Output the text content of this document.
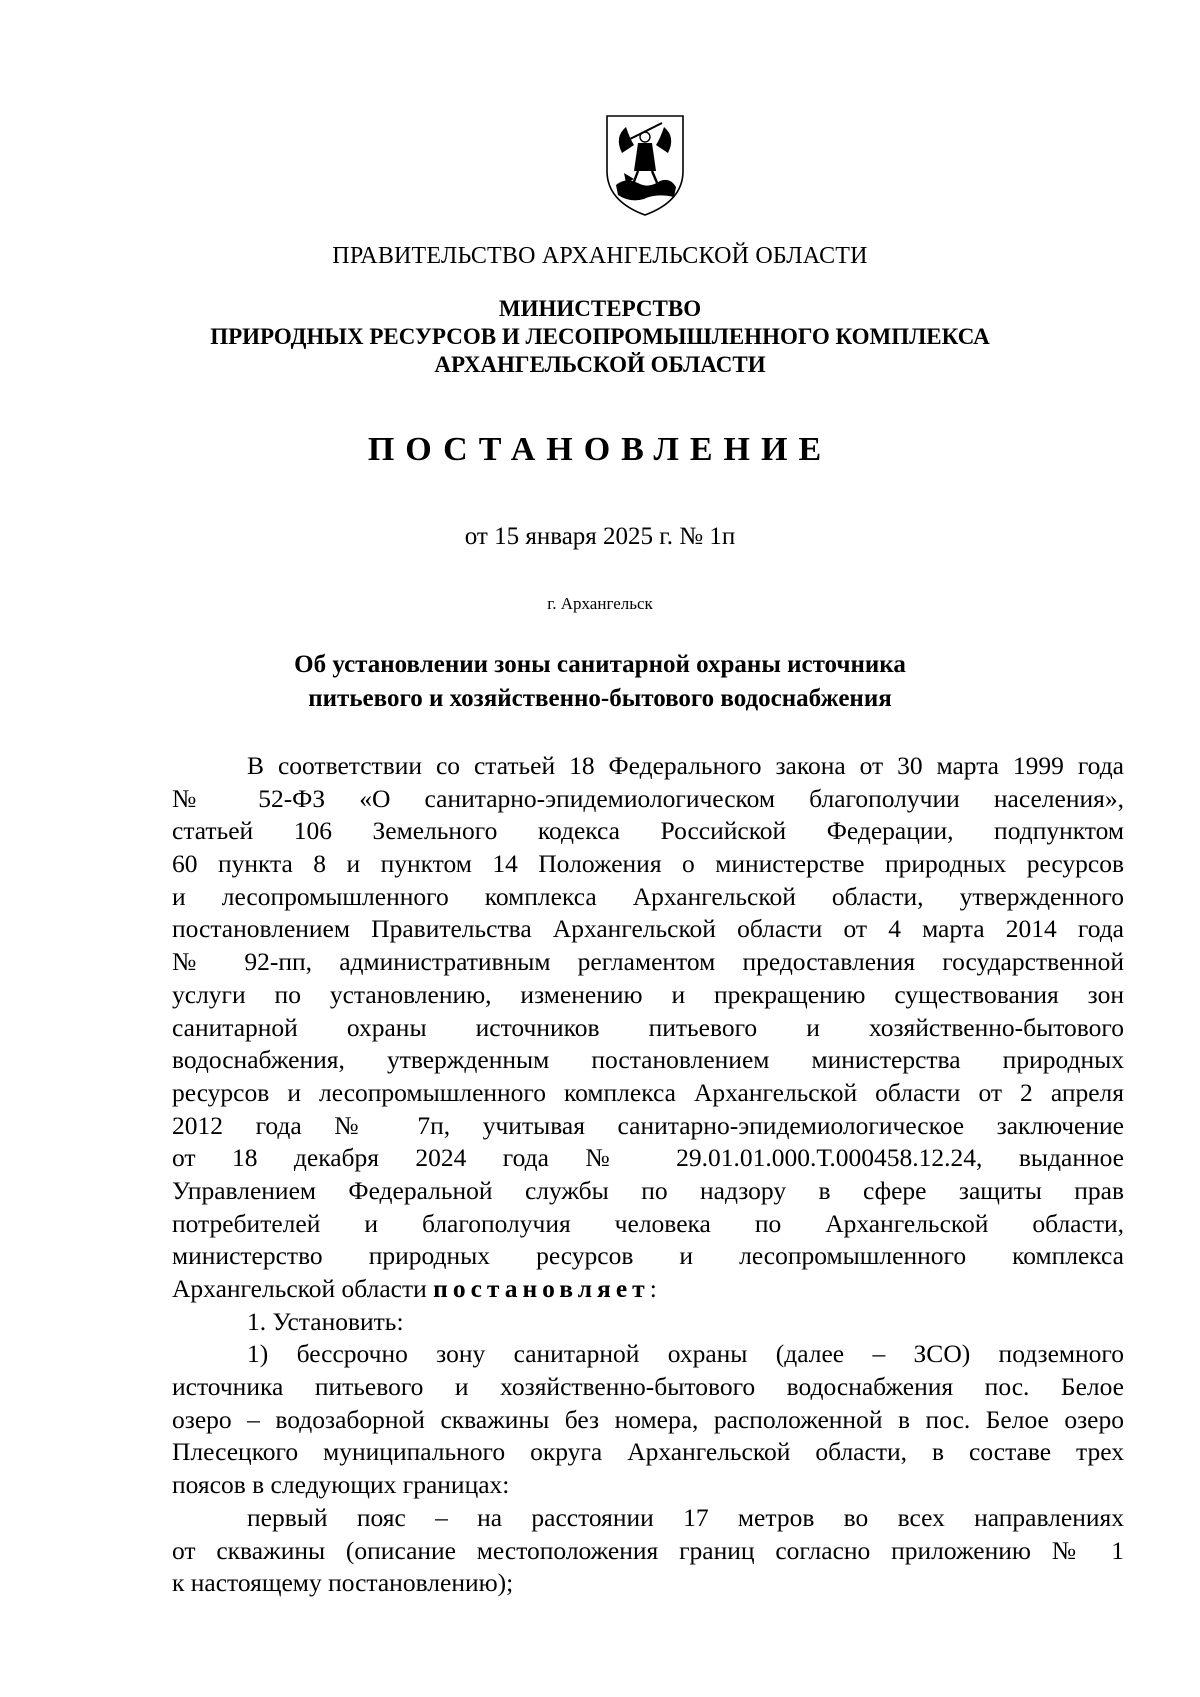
ПРАВИТЕЛЬСТВО АРХАНГЕЛЬСКОЙ ОБЛАСТИ
МИНИСТЕРСТВО
ПРИРОДНЫХ РЕСУРСОВ И ЛЕСОПРОМЫШЛЕННОГО КОМПЛЕКСА
АРХАНГЕЛЬСКОЙ ОБЛАСТИ
ПОСТАНОВЛЕНИЕ
от 15 января 2025 г. № 1п
г. Архангельск
Об установлении зоны санитарной охраны источника
питьевого и хозяйственно-бытового водоснабжения
В соответствии со статьей 18 Федерального закона от 30 марта 1999 года
№ 52-ФЗ «О санитарно-эпидемиологическом благополучии населения»,
статьей 106 Земельного кодекса Российской Федерации, подпунктом
60 пункта 8 и пунктом 14 Положения о министерстве природных ресурсов
и лесопромышленного комплекса Архангельской области, утвержденного
постановлением Правительства Архангельской области от 4 марта 2014 года
№ 92-пп, административным регламентом предоставления государственной
услуги по установлению, изменению и прекращению существования зон
санитарной охраны источников питьевого и хозяйственно-бытового
водоснабжения, утвержденным постановлением министерства природных
ресурсов и лесопромышленного комплекса Архангельской области от 2 апреля
2012 года № 7п, учитывая санитарно-эпидемиологическое заключение
от 18 декабря 2024 года № 29.01.01.000.Т.000458.12.24, выданное
Управлением Федеральной службы по надзору в сфере защиты прав
потребителей и благополучия человека по Архангельской области,
министерство природных ресурсов и лесопромышленного комплекса
Архангельской области постановляет:
1. Установить:
1) бессрочно зону санитарной охраны (далее – ЗСО) подземного
источника питьевого и хозяйственно-бытового водоснабжения пос. Белое
озеро – водозаборной скважины без номера, расположенной в пос. Белое озеро
Плесецкого муниципального округа Архангельской области, в составе трех
поясов в следующих границах:
первый пояс – на расстоянии 17 метров во всех направлениях
от скважины (описание местоположения границ согласно приложению № 1
к настоящему постановлению);
